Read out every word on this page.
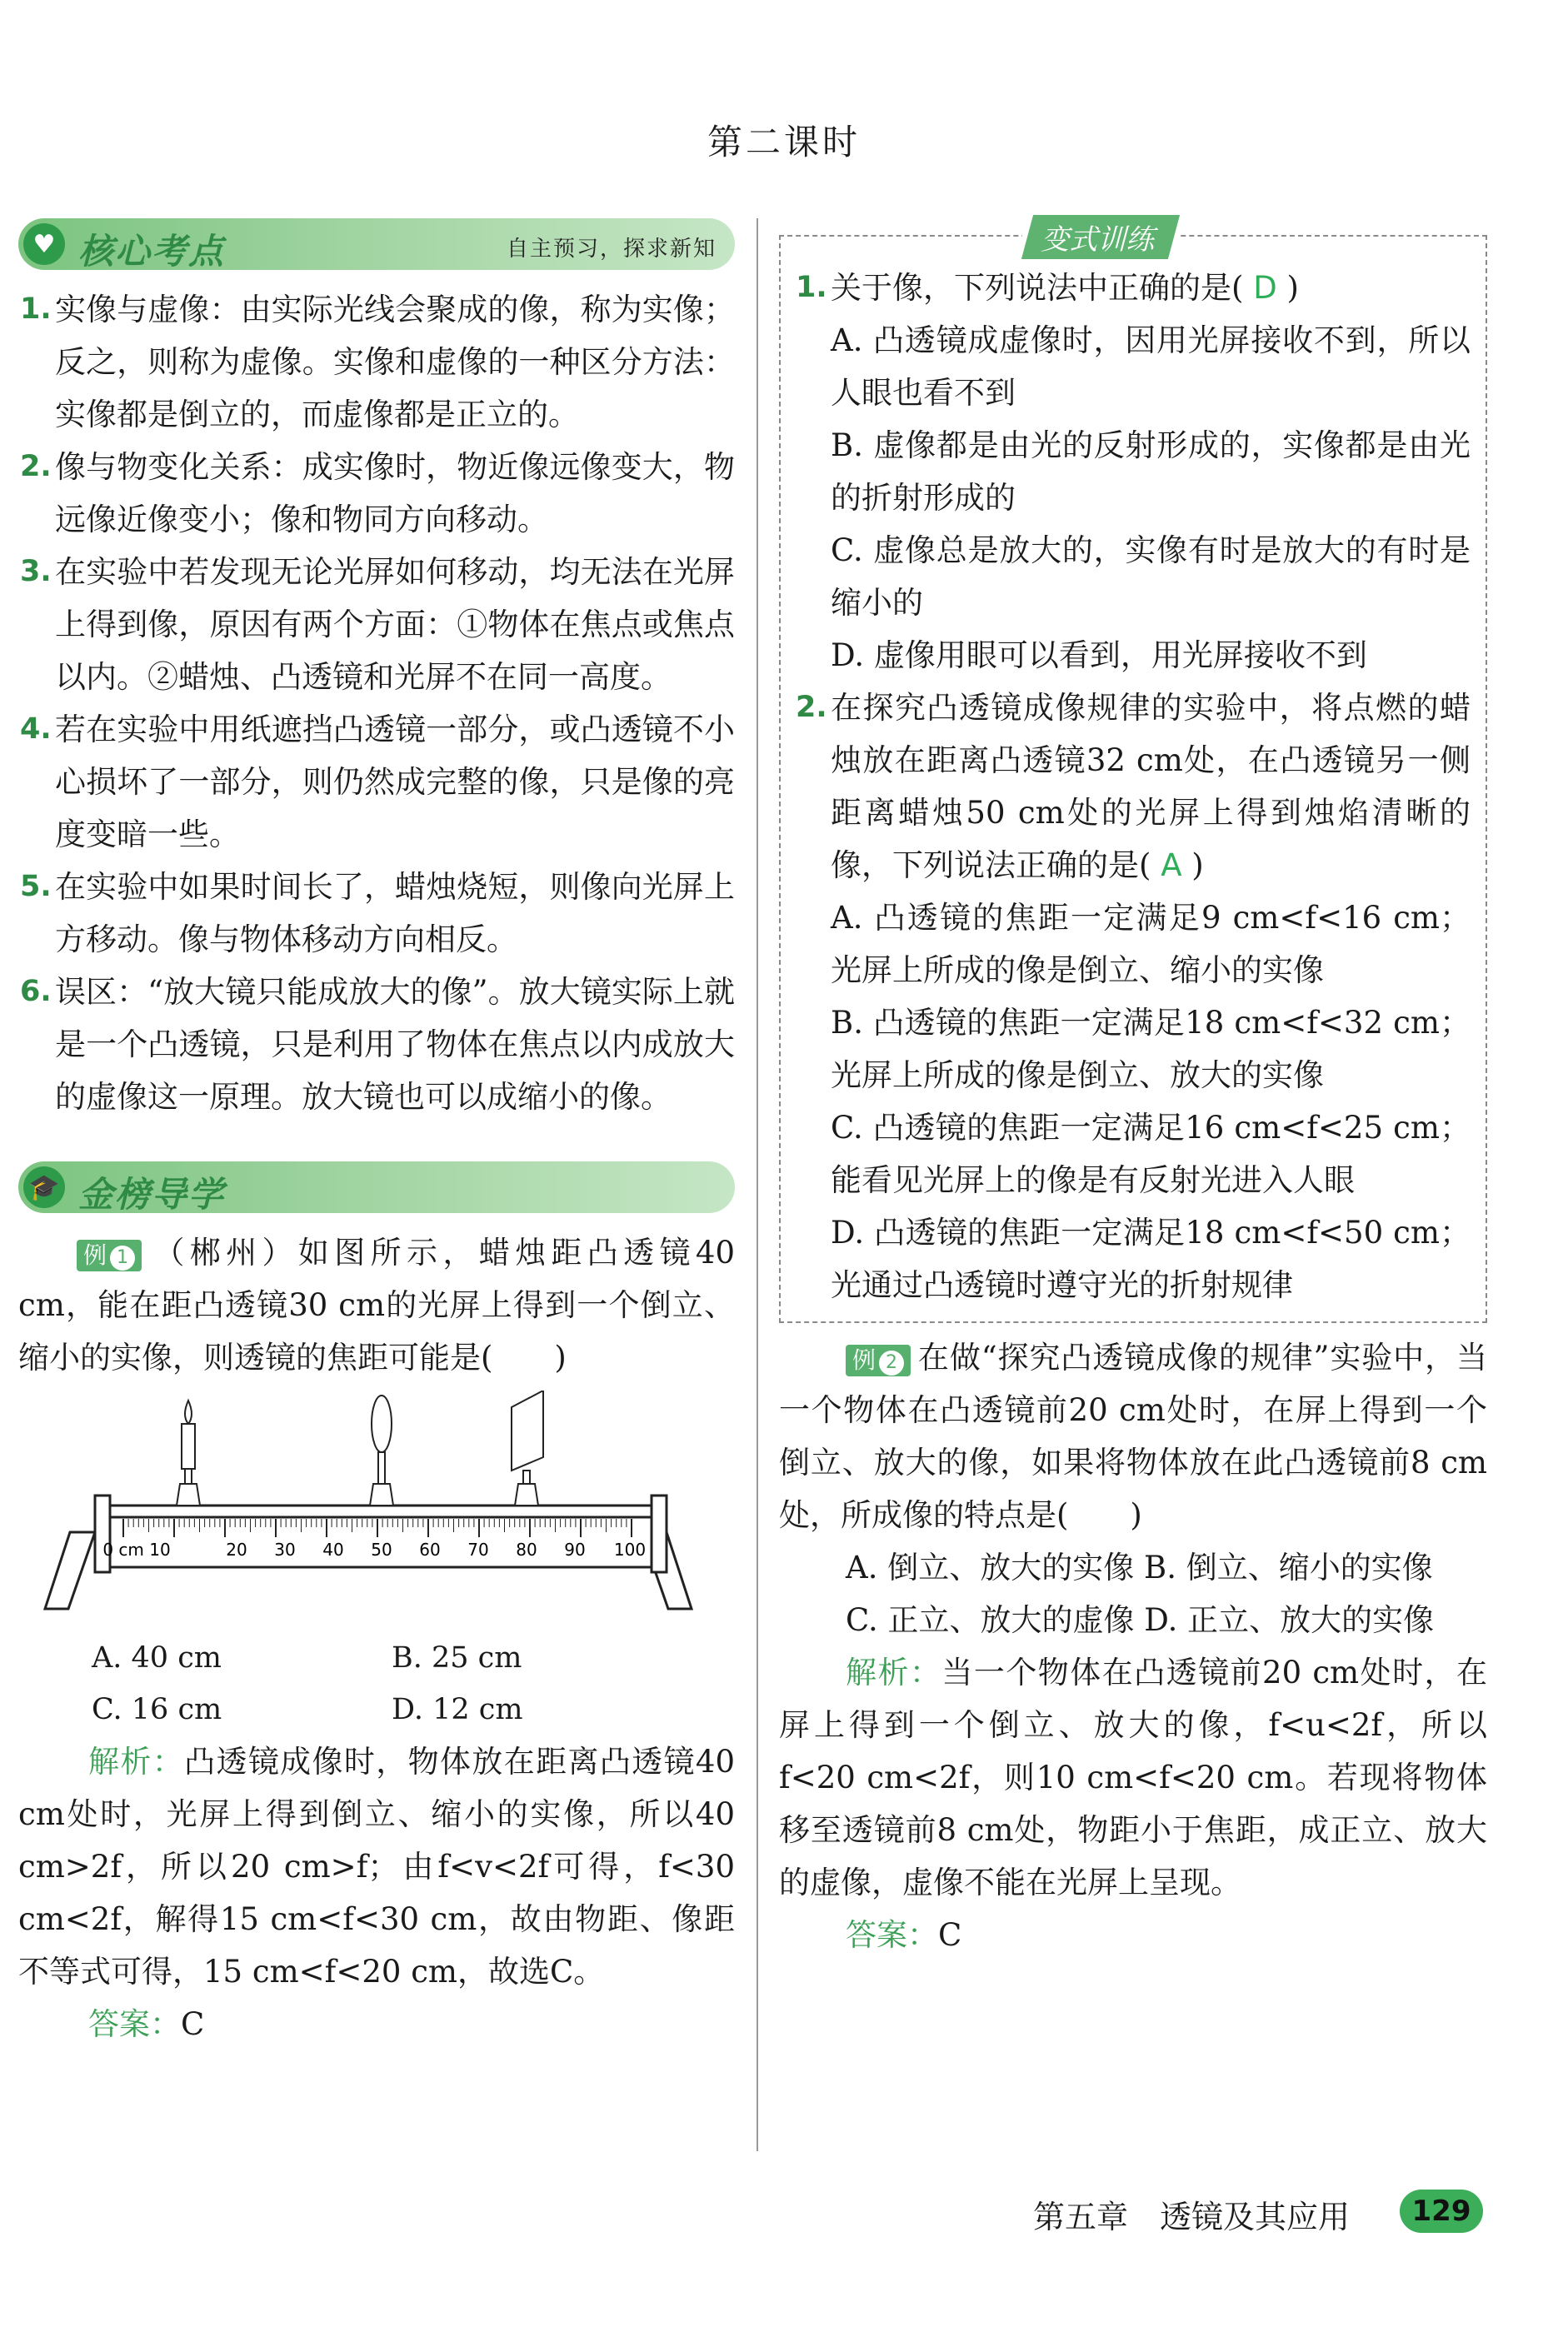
第二课时
♥ 核心考点	自主预习，探求新知
1. 实像与虚像：由实际光线会聚成的像，称为实像；反之，则称为虚像。实像和虚像的一种区分方法：实像都是倒立的，而虚像都是正立的。
2. 像与物变化关系：成实像时，物近像远像变大，物远像近像变小；像和物同方向移动。
3. 在实验中若发现无论光屏如何移动，均无法在光屏上得到像，原因有两个方面：①物体在焦点或焦点以内。②蜡烛、凸透镜和光屏不在同一高度。
4. 若在实验中用纸遮挡凸透镜一部分，或凸透镜不小心损坏了一部分，则仍然成完整的像，只是像的亮度变暗一些。
5. 在实验中如果时间长了，蜡烛烧短，则像向光屏上方移动。像与物体移动方向相反。
6. 误区：“放大镜只能成放大的像”。放大镜实际上就是一个凸透镜，只是利用了物体在焦点以内成放大的虚像这一原理。放大镜也可以成缩小的像。
🎓 金榜导学
例 1 （郴州）如图所示，蜡烛距凸透镜40 cm，能在距凸透镜30 cm的光屏上得到一个倒立、缩小的实像，则透镜的焦距可能是(　　)
0 cm 10	20 30 40 50 60 70 80 90 100
A. 40 cm	B. 25 cm
C. 16 cm	D. 12 cm
解析：凸透镜成像时，物体放在距离凸透镜40 cm处时，光屏上得到倒立、缩小的实像，所以40 cm>2f，所以20 cm>f；由f<v<2f可得，f<30 cm<2f，解得15 cm<f<30 cm，故由物距、像距不等式可得，15 cm<f<20 cm，故选C。
答案：C
变式训练
1. 关于像，下列说法中正确的是( D )
A. 凸透镜成虚像时，因用光屏接收不到，所以人眼也看不到
B. 虚像都是由光的反射形成的，实像都是由光的折射形成的
C. 虚像总是放大的，实像有时是放大的有时是缩小的
D. 虚像用眼可以看到，用光屏接收不到
2. 在探究凸透镜成像规律的实验中，将点燃的蜡烛放在距离凸透镜32 cm处，在凸透镜另一侧距离蜡烛50 cm处的光屏上得到烛焰清晰的像，下列说法正确的是( A )
A. 凸透镜的焦距一定满足9 cm<f<16 cm；光屏上所成的像是倒立、缩小的实像
B. 凸透镜的焦距一定满足18 cm<f<32 cm；光屏上所成的像是倒立、放大的实像
C. 凸透镜的焦距一定满足16 cm<f<25 cm；能看见光屏上的像是有反射光进入人眼
D. 凸透镜的焦距一定满足18 cm<f<50 cm；光通过凸透镜时遵守光的折射规律
例 2 在做“探究凸透镜成像的规律”实验中，当一个物体在凸透镜前20 cm处时，在屏上得到一个倒立、放大的像，如果将物体放在此凸透镜前8 cm处，所成像的特点是(　　)
A. 倒立、放大的实像 B. 倒立、缩小的实像
C. 正立、放大的虚像 D. 正立、放大的实像
解析：当一个物体在凸透镜前20 cm处时，在屏上得到一个倒立、放大的像，f<u<2f，所以f<20 cm<2f，则10 cm<f<20 cm。若现将物体移至透镜前8 cm处，物距小于焦距，成正立、放大的虚像，虚像不能在光屏上呈现。
答案：C
第五章　透镜及其应用	129
